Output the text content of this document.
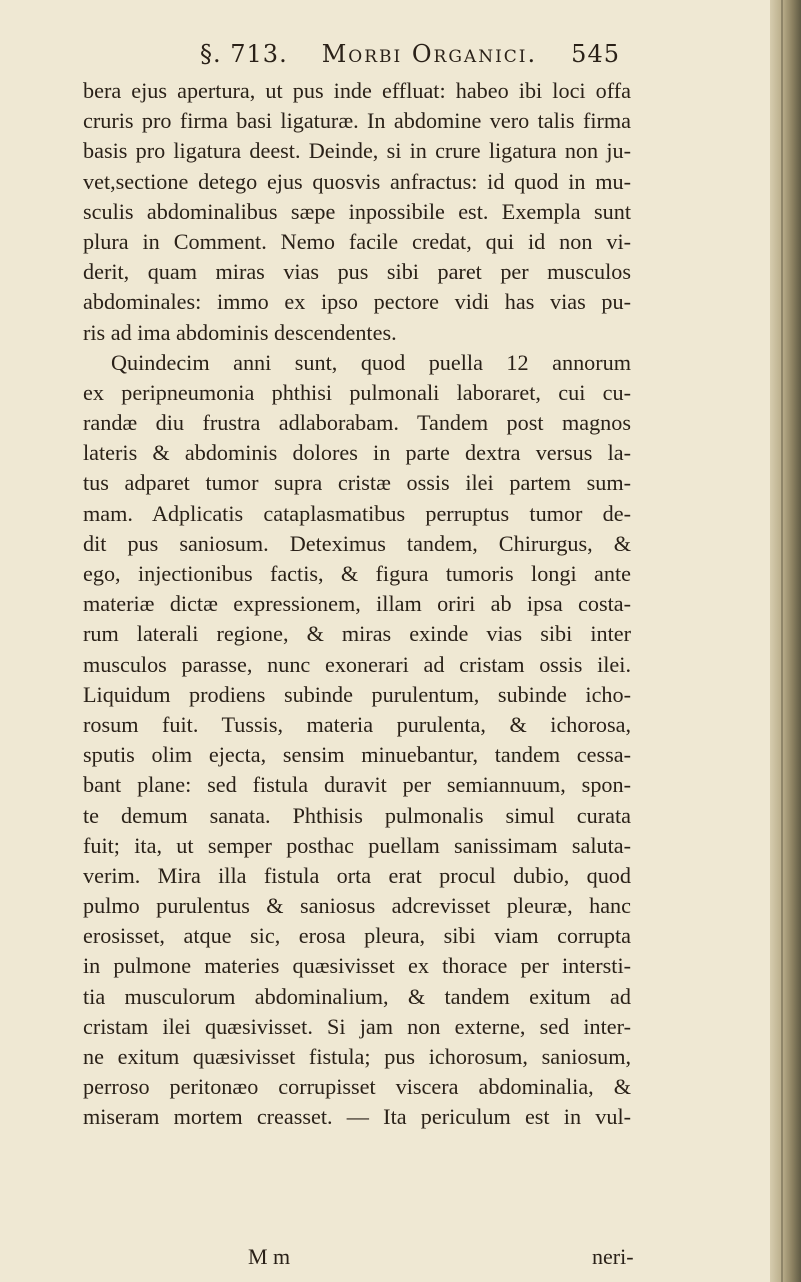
§. 713. Morbi Organici. 545
bera ejus apertura, ut pus inde effluat: habeo ibi loci offa
cruris pro firma basi ligaturæ. In abdomine vero talis firma
basis pro ligatura deest. Deinde, si in crure ligatura non ju-
vet,sectione detego ejus quosvis anfractus: id quod in mu-
sculis abdominalibus sæpe inpossibile est. Exempla sunt
plura in Comment. Nemo facile credat, qui id non vi-
derit, quam miras vias pus sibi paret per musculos
abdominales: immo ex ipso pectore vidi has vias pu-
ris ad ima abdominis descendentes.
Quindecim anni sunt, quod puella 12 annorum
ex peripneumonia phthisi pulmonali laboraret, cui cu-
randæ diu frustra adlaborabam. Tandem post magnos
lateris & abdominis dolores in parte dextra versus la-
tus adparet tumor supra cristæ ossis ilei partem sum-
mam. Adplicatis cataplasmatibus perruptus tumor de-
dit pus saniosum. Deteximus tandem, Chirurgus, &
ego, injectionibus factis, & figura tumoris longi ante
materiæ dictæ expressionem, illam oriri ab ipsa costa-
rum laterali regione, & miras exinde vias sibi inter
musculos parasse, nunc exonerari ad cristam ossis ilei.
Liquidum prodiens subinde purulentum, subinde icho-
rosum fuit. Tussis, materia purulenta, & ichorosa,
sputis olim ejecta, sensim minuebantur, tandem cessa-
bant plane: sed fistula duravit per semiannuum, spon-
te demum sanata. Phthisis pulmonalis simul curata
fuit; ita, ut semper posthac puellam sanissimam saluta-
verim. Mira illa fistula orta erat procul dubio, quod
pulmo purulentus & saniosus adcrevisset pleuræ, hanc
erosisset, atque sic, erosa pleura, sibi viam corrupta
in pulmone materies quæsivisset ex thorace per intersti-
tia musculorum abdominalium, & tandem exitum ad
cristam ilei quæsivisset. Si jam non externe, sed inter-
ne exitum quæsivisset fistula; pus ichorosum, saniosum,
perroso peritonæo corrupisset viscera abdominalia, &
miseram mortem creasset. — Ita periculum est in vul-
M m	neri-
